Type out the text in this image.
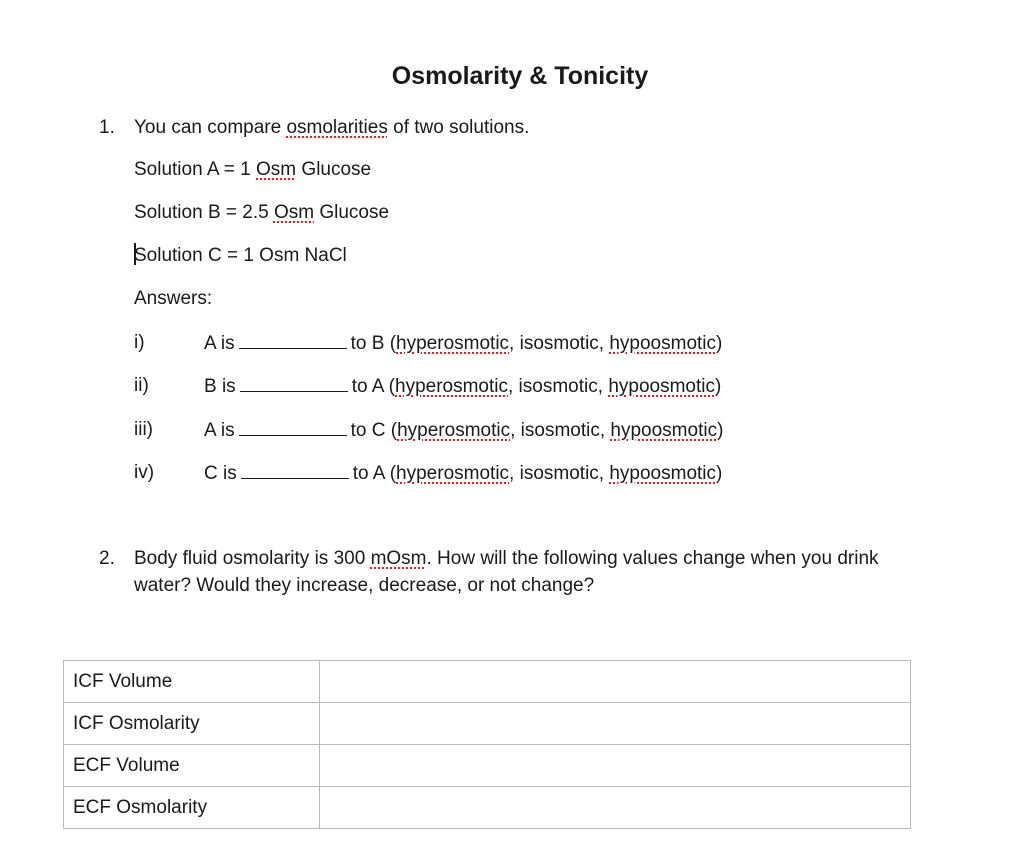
Osmolarity & Tonicity
1. You can compare osmolarities of two solutions.
Solution A = 1 Osm Glucose
Solution B = 2.5 Osm Glucose
Solution C = 1 Osm NaCl
Answers:
i)	A is	to B (hyperosmotic, isosmotic, hypoosmotic)
ii)	B is	to A (hyperosmotic, isosmotic, hypoosmotic)
iii)	A is	to C (hyperosmotic, isosmotic, hypoosmotic)
iv)	C is	to A (hyperosmotic, isosmotic, hypoosmotic)
2. Body fluid osmolarity is 300 mOsm. How will the following values change when you drink
water? Would they increase, decrease, or not change?
ICF Volume	
ICF Osmolarity	
ECF Volume	
ECF Osmolarity	
